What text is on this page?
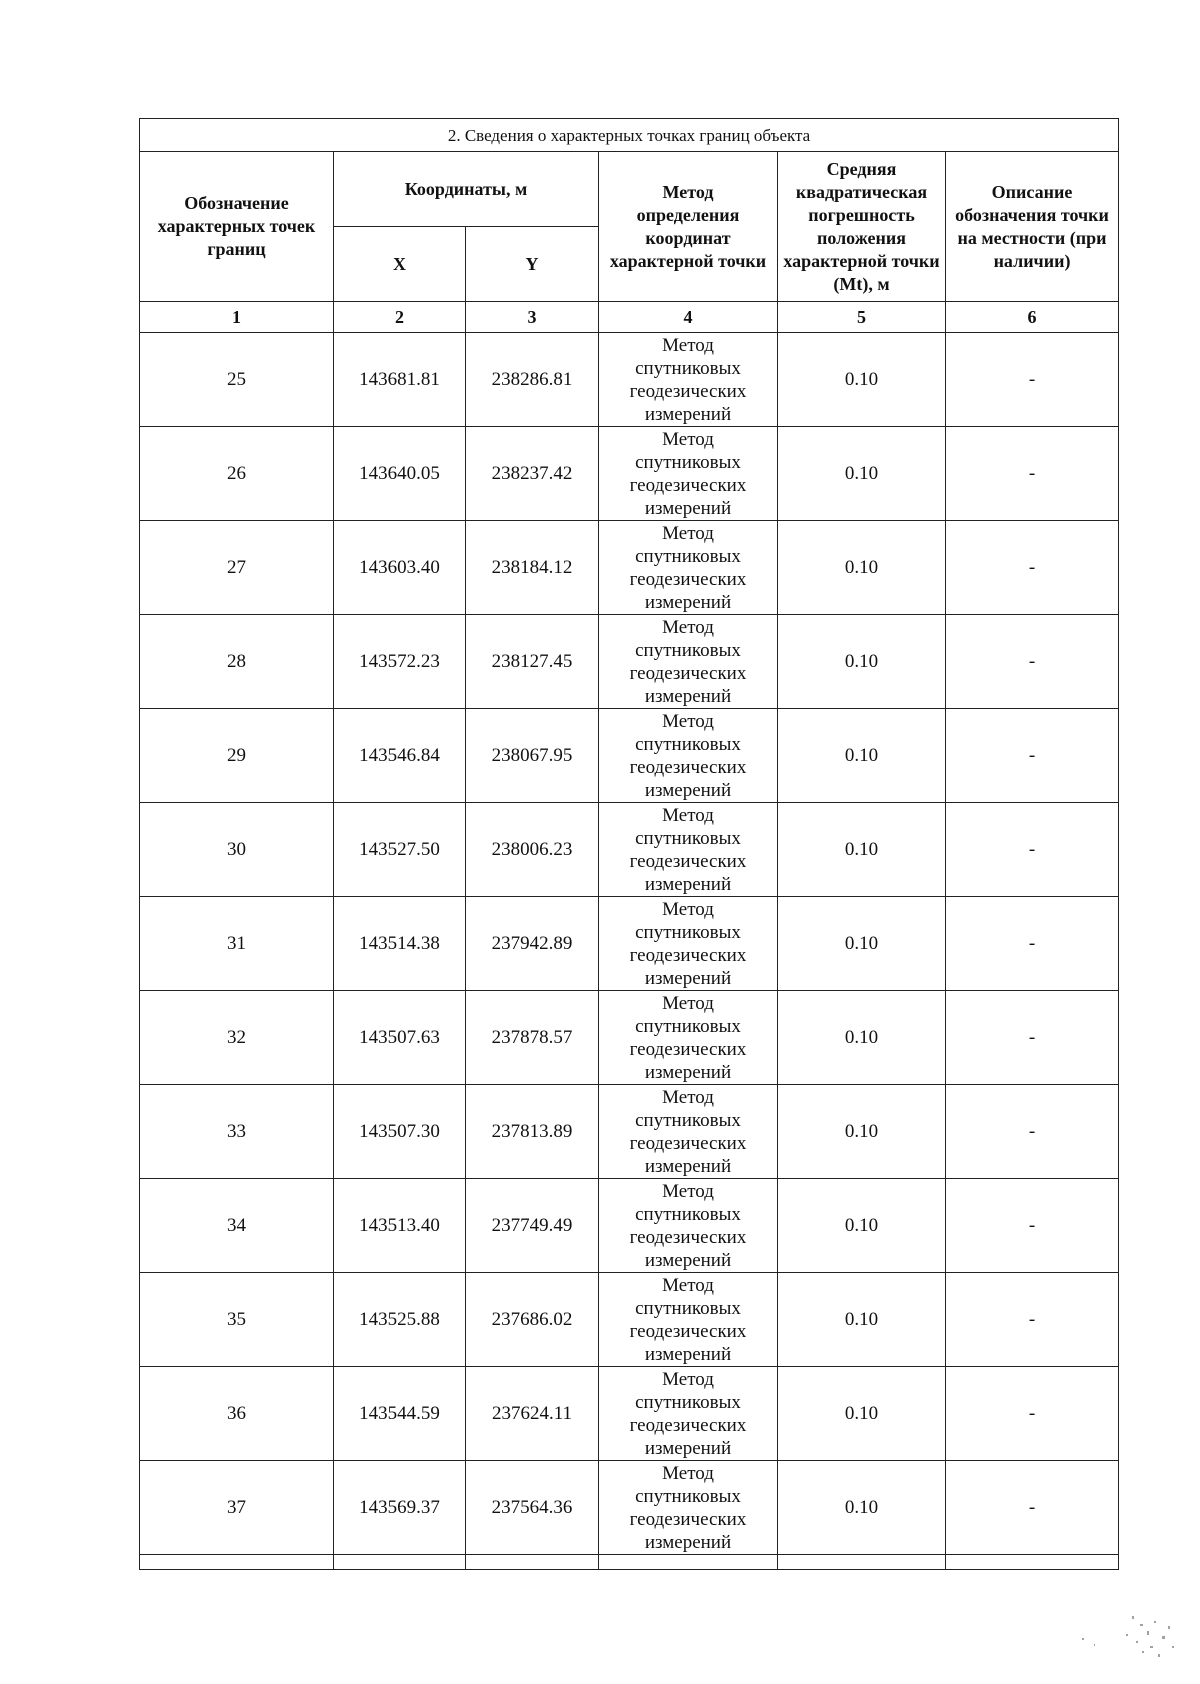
2. Сведения о характерных точках границ объекта					
Обозначение характерных точек границ	Координаты, м		Метод определения координат характерной точки	Средняя квадратическая погрешность положения характерной точки (Mt), м	Описание обозначения точки на местности (при наличии)
	X	Y			
1	2	3	4	5	6
25	143681.81	238286.81	Метод спутниковых геодезических измерений	0.10	-
26	143640.05	238237.42	Метод спутниковых геодезических измерений	0.10	-
27	143603.40	238184.12	Метод спутниковых геодезических измерений	0.10	-
28	143572.23	238127.45	Метод спутниковых геодезических измерений	0.10	-
29	143546.84	238067.95	Метод спутниковых геодезических измерений	0.10	-
30	143527.50	238006.23	Метод спутниковых геодезических измерений	0.10	-
31	143514.38	237942.89	Метод спутниковых геодезических измерений	0.10	-
32	143507.63	237878.57	Метод спутниковых геодезических измерений	0.10	-
33	143507.30	237813.89	Метод спутниковых геодезических измерений	0.10	-
34	143513.40	237749.49	Метод спутниковых геодезических измерений	0.10	-
35	143525.88	237686.02	Метод спутниковых геодезических измерений	0.10	-
36	143544.59	237624.11	Метод спутниковых геодезических измерений	0.10	-
37	143569.37	237564.36	Метод спутниковых геодезических измерений	0.10	-
